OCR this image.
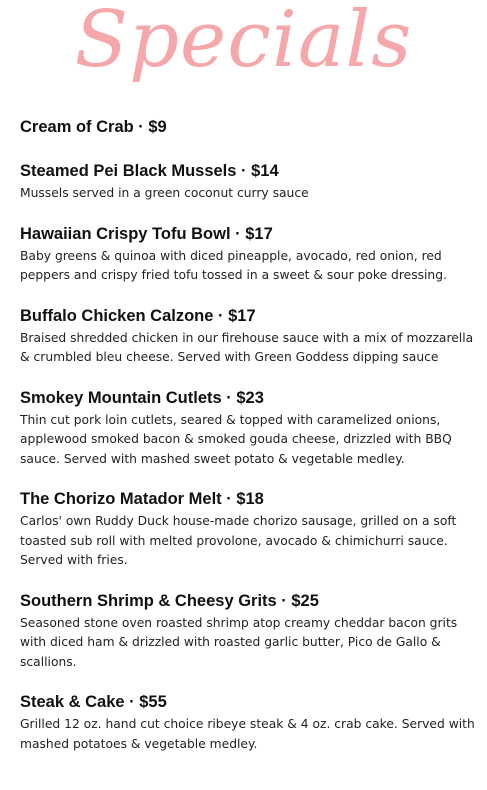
Specials
Cream of Crab · $9
Steamed Pei Black Mussels · $14
Mussels served in a green coconut curry sauce
Hawaiian Crispy Tofu Bowl · $17
Baby greens & quinoa with diced pineapple, avocado, red onion, red peppers and crispy fried tofu tossed in a sweet & sour poke dressing.
Buffalo Chicken Calzone · $17
Braised shredded chicken in our firehouse sauce with a mix of mozzarella & crumbled bleu cheese. Served with Green Goddess dipping sauce
Smokey Mountain Cutlets · $23
Thin cut pork loin cutlets, seared & topped with caramelized onions, applewood smoked bacon & smoked gouda cheese, drizzled with BBQ sauce. Served with mashed sweet potato & vegetable medley.
The Chorizo Matador Melt · $18
Carlos' own Ruddy Duck house-made chorizo sausage, grilled on a soft toasted sub roll with melted provolone, avocado & chimichurri sauce. Served with fries.
Southern Shrimp & Cheesy Grits · $25
Seasoned stone oven roasted shrimp atop creamy cheddar bacon grits with diced ham & drizzled with roasted garlic butter, Pico de Gallo & scallions.
Steak & Cake · $55
Grilled 12 oz. hand cut choice ribeye steak & 4 oz. crab cake. Served with mashed potatoes & vegetable medley.
